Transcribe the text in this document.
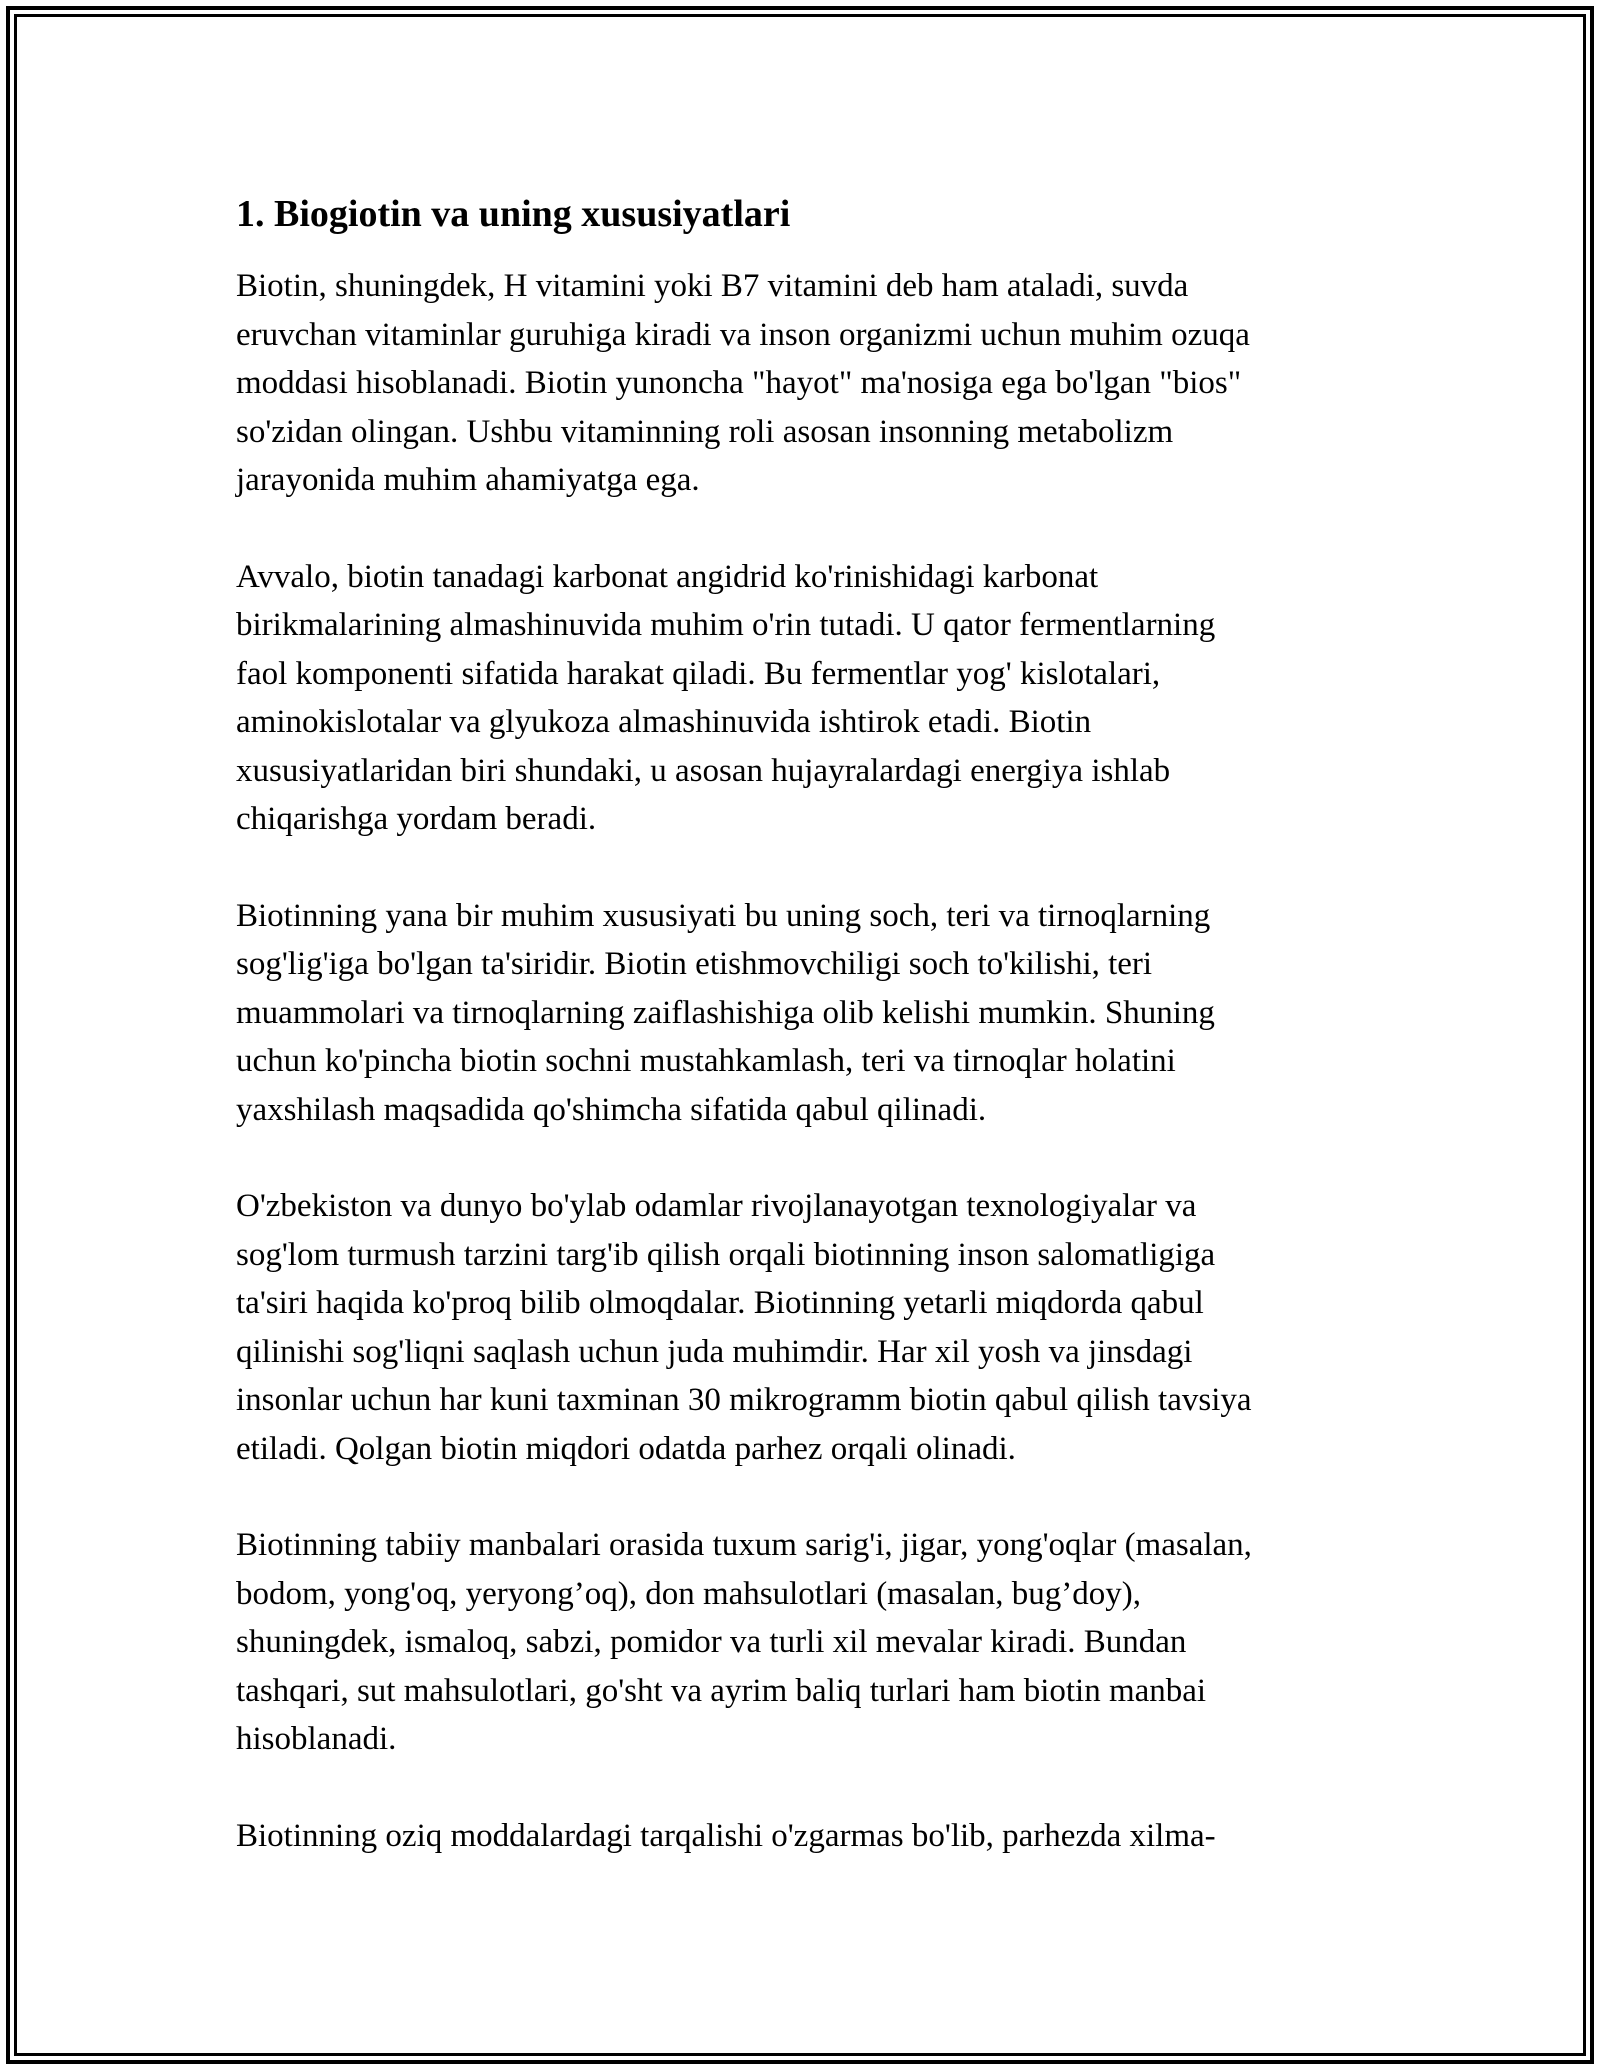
1. Biogiotin va uning xususiyatlari
Biotin, shuningdek, H vitamini yoki B7 vitamini deb ham ataladi, suvda
eruvchan vitaminlar guruhiga kiradi va inson organizmi uchun muhim ozuqa
moddasi hisoblanadi. Biotin yunoncha "hayot" ma'nosiga ega bo'lgan "bios"
so'zidan olingan. Ushbu vitaminning roli asosan insonning metabolizm
jarayonida muhim ahamiyatga ega.
Avvalo, biotin tanadagi karbonat angidrid ko'rinishidagi karbonat
birikmalarining almashinuvida muhim o'rin tutadi. U qator fermentlarning
faol komponenti sifatida harakat qiladi. Bu fermentlar yog' kislotalari,
aminokislotalar va glyukoza almashinuvida ishtirok etadi. Biotin
xususiyatlaridan biri shundaki, u asosan hujayralardagi energiya ishlab
chiqarishga yordam beradi.
Biotinning yana bir muhim xususiyati bu uning soch, teri va tirnoqlarning
sog'lig'iga bo'lgan ta'siridir. Biotin etishmovchiligi soch to'kilishi, teri
muammolari va tirnoqlarning zaiflashishiga olib kelishi mumkin. Shuning
uchun ko'pincha biotin sochni mustahkamlash, teri va tirnoqlar holatini
yaxshilash maqsadida qo'shimcha sifatida qabul qilinadi.
O'zbekiston va dunyo bo'ylab odamlar rivojlanayotgan texnologiyalar va
sog'lom turmush tarzini targ'ib qilish orqali biotinning inson salomatligiga
ta'siri haqida ko'proq bilib olmoqdalar. Biotinning yetarli miqdorda qabul
qilinishi sog'liqni saqlash uchun juda muhimdir. Har xil yosh va jinsdagi
insonlar uchun har kuni taxminan 30 mikrogramm biotin qabul qilish tavsiya
etiladi. Qolgan biotin miqdori odatda parhez orqali olinadi.
Biotinning tabiiy manbalari orasida tuxum sarig'i, jigar, yong'oqlar (masalan,
bodom, yong'oq, yeryong’oq), don mahsulotlari (masalan, bug’doy),
shuningdek, ismaloq, sabzi, pomidor va turli xil mevalar kiradi. Bundan
tashqari, sut mahsulotlari, go'sht va ayrim baliq turlari ham biotin manbai
hisoblanadi.
Biotinning oziq moddalardagi tarqalishi o'zgarmas bo'lib, parhezda xilma-
